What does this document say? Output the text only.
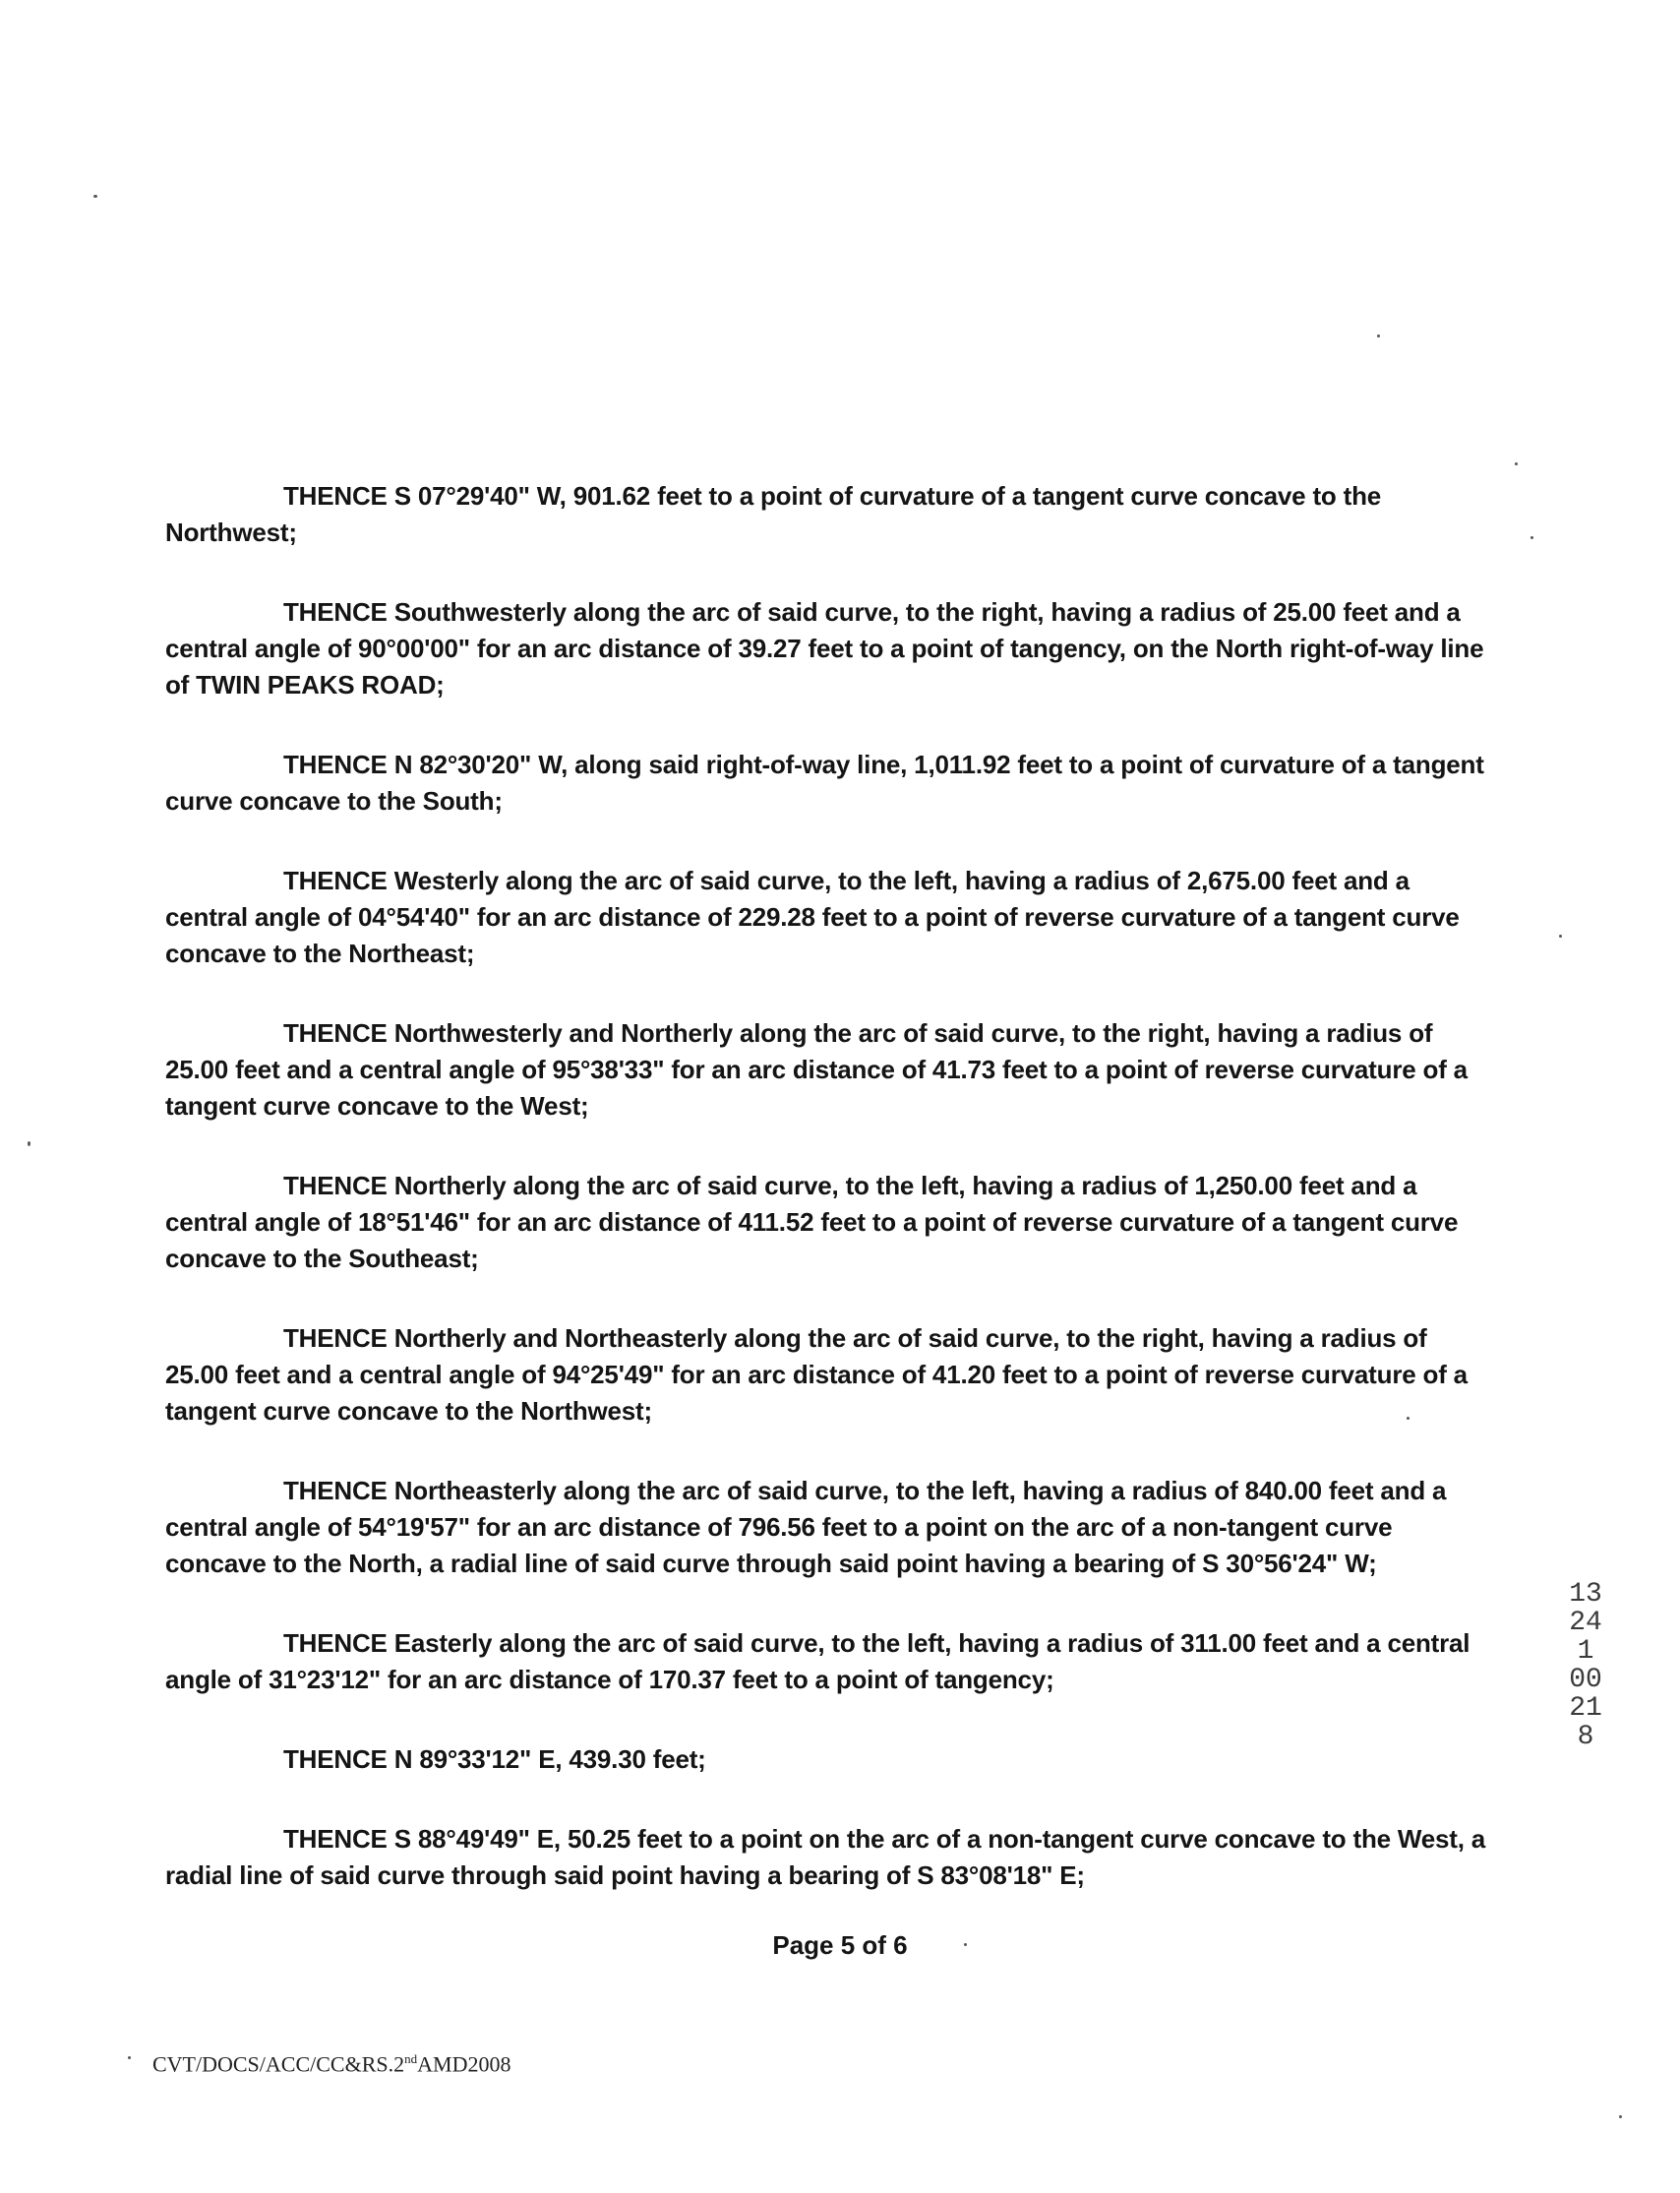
THENCE S 07°29'40" W, 901.62 feet to a point of curvature of a tangent curve concave to the Northwest;

THENCE Southwesterly along the arc of said curve, to the right, having a radius of 25.00 feet and a central angle of 90°00'00" for an arc distance of 39.27 feet to a point of tangency, on the North right-of-way line of TWIN PEAKS ROAD;

THENCE N 82°30'20" W, along said right-of-way line, 1,011.92 feet to a point of curvature of a tangent curve concave to the South;

THENCE Westerly along the arc of said curve, to the left, having a radius of 2,675.00 feet and a central angle of 04°54'40" for an arc distance of 229.28 feet to a point of reverse curvature of a tangent curve concave to the Northeast;

THENCE Northwesterly and Northerly along the arc of said curve, to the right, having a radius of 25.00 feet and a central angle of 95°38'33" for an arc distance of 41.73 feet to a point of reverse curvature of a tangent curve concave to the West;

THENCE Northerly along the arc of said curve, to the left, having a radius of 1,250.00 feet and a central angle of 18°51'46" for an arc distance of 411.52 feet to a point of reverse curvature of a tangent curve concave to the Southeast;

THENCE Northerly and Northeasterly along the arc of said curve, to the right, having a radius of 25.00 feet and a central angle of 94°25'49" for an arc distance of 41.20 feet to a point of reverse curvature of a tangent curve concave to the Northwest;

THENCE Northeasterly along the arc of said curve, to the left, having a radius of 840.00 feet and a central angle of 54°19'57" for an arc distance of 796.56 feet to a point on the arc of a non-tangent curve concave to the North, a radial line of said curve through said point having a bearing of S 30°56'24" W;

THENCE Easterly along the arc of said curve, to the left, having a radius of 311.00 feet and a central angle of 31°23'12" for an arc distance of 170.37 feet to a point of tangency;

THENCE N 89°33'12" E, 439.30 feet;

THENCE S 88°49'49" E, 50.25 feet to a point on the arc of a non-tangent curve concave to the West, a radial line of said curve through said point having a bearing of S 83°08'18" E;

Page 5 of 6
CVT/DOCS/ACC/CC&RS.2ndAMD2008
13241 00218
